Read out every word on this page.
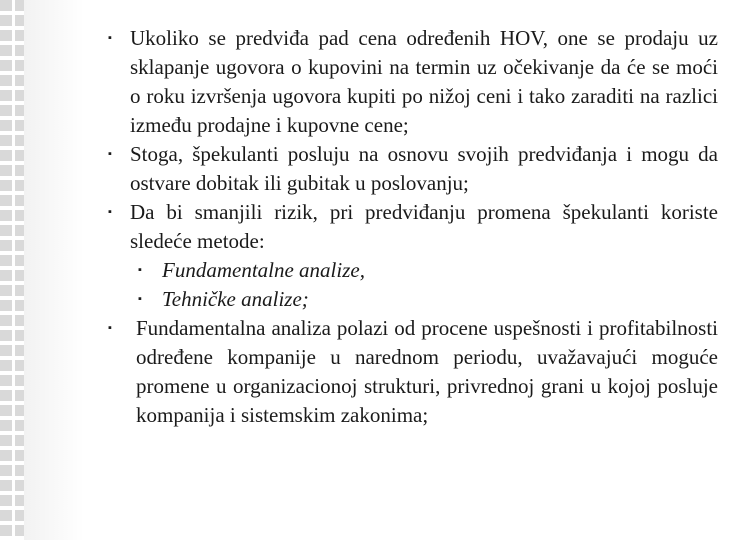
▪ Ukoliko se predviđa pad cena određenih HOV, one se prodaju uz sklapanje ugovora o kupovini na termin uz očekivanje da će se moći o roku izvršenja ugovora kupiti po nižoj ceni i tako zaraditi na razlici između prodajne i kupovne cene;
▪ Stoga, špekulanti posluju na osnovu svojih predviđanja i mogu da ostvare dobitak ili gubitak u poslovanju;
▪ Da bi smanjili rizik, pri predviđanju promena špekulanti koriste sledeće metode:
▪ Fundamentalne analize,
▪ Tehničke analize;
▪ Fundamentalna analiza polazi od procene uspešnosti i profitabilnosti određene kompanije u narednom periodu, uvažavajući moguće promene u organizacionoj strukturi, privrednoj grani u kojoj posluje kompanija i sistemskim zakonima;
